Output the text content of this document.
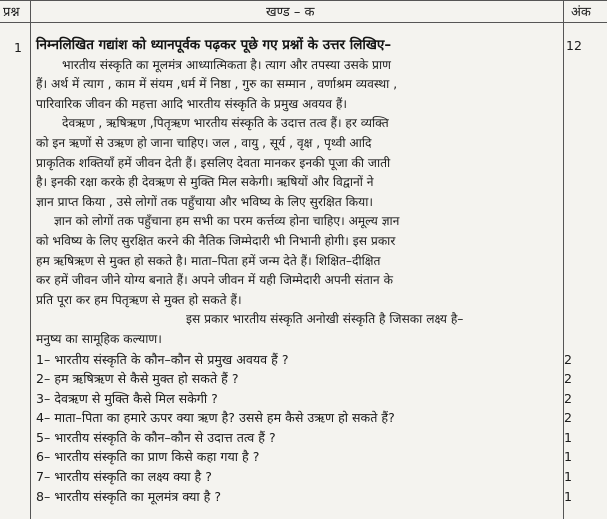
प्रश्न	खण्ड – क	अंक
1	12
निम्नलिखित गद्यांश को ध्यानपूर्वक पढ़कर पूछे गए प्रश्नों के उत्तर लिखिए–
भारतीय संस्कृति का मूलमंत्र आध्यात्मिकता है। त्याग और तपस्या उसके प्राण
हैं। अर्थ में त्याग , काम में संयम ,धर्म में निष्ठा , गुरु का सम्मान , वर्णाश्रम व्यवस्था ,
पारिवारिक जीवन की महत्ता आदि भारतीय संस्कृति के प्रमुख अवयव हैं।
देवऋण , ऋषिऋण ,पितृऋण भारतीय संस्कृति के उदात्त तत्व हैं। हर व्यक्ति
को इन ऋणों से उऋण हो जाना चाहिए। जल , वायु , सूर्य , वृक्ष , पृथ्वी आदि
प्राकृतिक शक्तियाँ हमें जीवन देती हैं। इसलिए देवता मानकर इनकी पूजा की जाती
है। इनकी रक्षा करके ही देवऋण से मुक्ति मिल सकेगी। ऋषियों और विद्वानों ने
ज्ञान प्राप्त किया , उसे लोगों तक पहुँचाया और भविष्य के लिए सुरक्षित किया।
ज्ञान को लोगों तक पहुँचाना हम सभी का परम कर्त्तव्य होना चाहिए। अमूल्य ज्ञान
को भविष्य के लिए सुरक्षित करने की नैतिक जिम्मेदारी भी निभानी होगी। इस प्रकार
हम ऋषिऋण से मुक्त हो सकते है। माता–पिता हमें जन्म देते हैं। शिक्षित–दीक्षित
कर हमें जीवन जीने योग्य बनाते हैं। अपने जीवन में यही जिम्मेदारी अपनी संतान के
प्रति पूरा कर हम पितृऋण से मुक्त हो सकते हैं।
इस प्रकार भारतीय संस्कृति अनोखी संस्कृति है जिसका लक्ष्य है–
मनुष्य का सामूहिक कल्याण।
1– भारतीय संस्कृति के कौन–कौन से प्रमुख अवयव हैं ?	2
2– हम ऋषिऋण से कैसे मुक्त हो सकते हैं ?	2
3– देवऋण से मुक्ति कैसे मिल सकेगी ?	2
4– माता–पिता का हमारे ऊपर क्या ऋण है? उससे हम कैसे उऋण हो सकते हैं?	2
5– भारतीय संस्कृति के कौन–कौन से उदात्त तत्व हैं ?	1
6– भारतीय संस्कृति का प्राण किसे कहा गया है ?	1
7– भारतीय संस्कृति का लक्ष्य क्या है ?	1
8– भारतीय संस्कृति का मूलमंत्र क्या है ?	1
